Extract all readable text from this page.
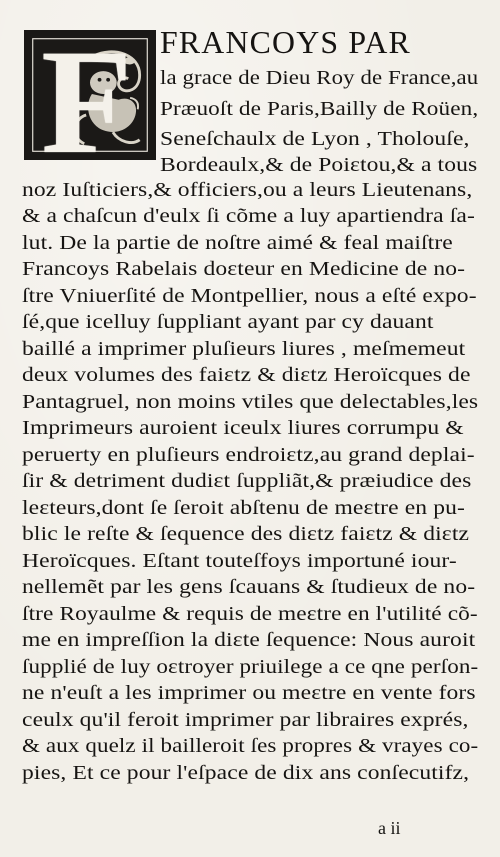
F FRANCOYS PAR
la grace de Dieu Roy de France,au
Præuoſt de Paris,Bailly de Roüen,
Seneſchaulx de Lyon , Tholouſe,
Bordeaulx,& de Poiɛtou,& a tous
noz Iuſticiers,& officiers,ou a leurs Lieutenans,
& a chaſcun d'eulx ſi cõme a luy apartiendra ſa-
lut. De la partie de noſtre aimé & feal maiſtre
Francoys Rabelais doɛteur en Medicine de no-
ſtre Vniuerſité de Montpellier, nous a eſté expo-
ſé,que icelluy ſuppliant ayant par cy dauant
baillé a imprimer pluſieurs liures , meſmemeut
deux volumes des faiɛtz & diɛtz Heroïcques de
Pantagruel, non moins vtiles que delectables,les
Imprimeurs auroient iceulx liures corrumpu &
peruerty en pluſieurs endroiɛtz,au grand deplai-
ſir & detriment dudiɛt ſuppliãt,& præiudice des
leɛteurs,dont ſe ſeroit abſtenu de meɛtre en pu-
blic le reſte & ſequence des diɛtz faiɛtz & diɛtz
Heroïcques. Eſtant touteſfoys importuné iour-
nellemẽt par les gens ſcauans & ſtudieux de no-
ſtre Royaulme & requis de meɛtre en l'utilité cõ-
me en impreſſion la diɛte ſequence: Nous auroit
ſupplié de luy oɛtroyer priuilege a ce qne perſon-
ne n'euſt a les imprimer ou meɛtre en vente fors
ceulx qu'il feroit imprimer par libraires exprés,
& aux quelz il bailleroit ſes propres & vrayes co-
pies, Et ce pour l'eſpace de dix ans conſecutifz,
a ii
